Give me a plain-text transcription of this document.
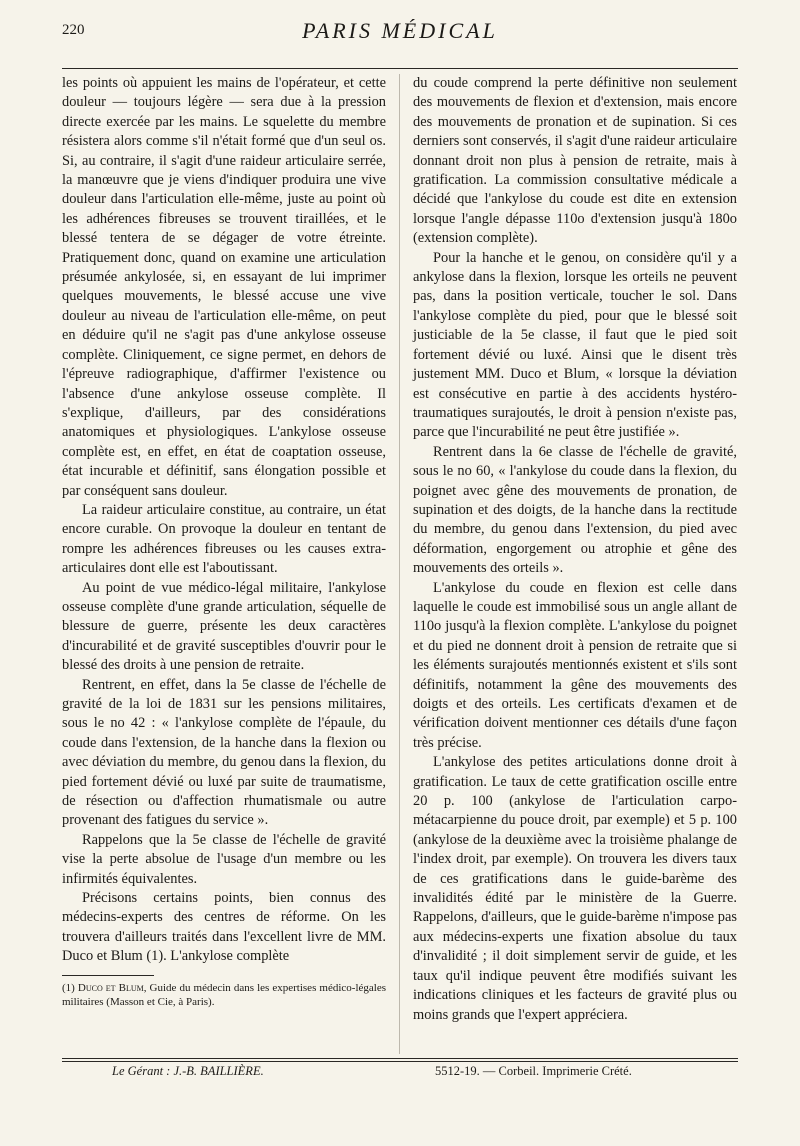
220	PARIS MÉDICAL

les points où appuient les mains de l'opérateur, et cette douleur — toujours légère — sera due à la pression directe exercée par les mains. Le squelette du membre résistera alors comme s'il n'était formé que d'un seul os. Si, au contraire, il s'agit d'une raideur articulaire serrée, la manœuvre que je viens d'indiquer produira une vive douleur dans l'articulation elle-même, juste au point où les adhérences fibreuses se trouvent tiraillées, et le blessé tentera de se dégager de votre étreinte. Pratiquement donc, quand on examine une articulation présumée ankylosée, si, en essayant de lui imprimer quelques mouvements, le blessé accuse une vive douleur au niveau de l'articulation elle-même, on peut en déduire qu'il ne s'agit pas d'une ankylose osseuse complète. Cliniquement, ce signe permet, en dehors de l'épreuve radiographique, d'affirmer l'existence ou l'absence d'une ankylose osseuse complète. Il s'explique, d'ailleurs, par des considérations anatomiques et physiologiques. L'ankylose osseuse complète est, en effet, en état de coaptation osseuse, état incurable et définitif, sans élongation possible et par conséquent sans douleur.

La raideur articulaire constitue, au contraire, un état encore curable. On provoque la douleur en tentant de rompre les adhérences fibreuses ou les causes extra-articulaires dont elle est l'aboutissant.

Au point de vue médico-légal militaire, l'ankylose osseuse complète d'une grande articulation, séquelle de blessure de guerre, présente les deux caractères d'incurabilité et de gravité susceptibles d'ouvrir pour le blessé des droits à une pension de retraite.

Rentrent, en effet, dans la 5e classe de l'échelle de gravité de la loi de 1831 sur les pensions militaires, sous le no 42 : « l'ankylose complète de l'épaule, du coude dans l'extension, de la hanche dans la flexion ou avec déviation du membre, du genou dans la flexion, du pied fortement dévié ou luxé par suite de traumatisme, de résection ou d'affection rhumatismale ou autre provenant des fatigues du service ».

Rappelons que la 5e classe de l'échelle de gravité vise la perte absolue de l'usage d'un membre ou les infirmités équivalentes.

Précisons certains points, bien connus des médecins-experts des centres de réforme. On les trouvera d'ailleurs traités dans l'excellent livre de MM. Duco et Blum (1). L'ankylose complète

(1) Duco et Blum, Guide du médecin dans les expertises médico-légales militaires (Masson et Cie, à Paris).

du coude comprend la perte définitive non seulement des mouvements de flexion et d'extension, mais encore des mouvements de pronation et de supination. Si ces derniers sont conservés, il s'agit d'une raideur articulaire donnant droit non plus à pension de retraite, mais à gratification. La commission consultative médicale a décidé que l'ankylose du coude est dite en extension lorsque l'angle dépasse 110o d'extension jusqu'à 180o (extension complète).

Pour la hanche et le genou, on considère qu'il y a ankylose dans la flexion, lorsque les orteils ne peuvent pas, dans la position verticale, toucher le sol. Dans l'ankylose complète du pied, pour que le blessé soit justiciable de la 5e classe, il faut que le pied soit fortement dévié ou luxé. Ainsi que le disent très justement MM. Duco et Blum, « lorsque la déviation est consécutive en partie à des accidents hystéro-traumatiques surajoutés, le droit à pension n'existe pas, parce que l'incurabilité ne peut être justifiée ».

Rentrent dans la 6e classe de l'échelle de gravité, sous le no 60, « l'ankylose du coude dans la flexion, du poignet avec gêne des mouvements de pronation, de supination et des doigts, de la hanche dans la rectitude du membre, du genou dans l'extension, du pied avec déformation, engorgement ou atrophie et gêne des mouvements des orteils ».

L'ankylose du coude en flexion est celle dans laquelle le coude est immobilisé sous un angle allant de 110o jusqu'à la flexion complète. L'ankylose du poignet et du pied ne donnent droit à pension de retraite que si les éléments surajoutés mentionnés existent et s'ils sont définitifs, notamment la gêne des mouvements des doigts et des orteils. Les certificats d'examen et de vérification doivent mentionner ces détails d'une façon très précise.

L'ankylose des petites articulations donne droit à gratification. Le taux de cette gratification oscille entre 20 p. 100 (ankylose de l'articulation carpo-métacarpienne du pouce droit, par exemple) et 5 p. 100 (ankylose de la deuxième avec la troisième phalange de l'index droit, par exemple). On trouvera les divers taux de ces gratifications dans le guide-barème des invalidités édité par le ministère de la Guerre. Rappelons, d'ailleurs, que le guide-barème n'impose pas aux médecins-experts une fixation absolue du taux d'invalidité ; il doit simplement servir de guide, et les taux qu'il indique peuvent être modifiés suivant les indications cliniques et les facteurs de gravité plus ou moins grands que l'expert appréciera.

Le Gérant : J.-B. BAILLIÈRE.	5512-19. — Corbeil. Imprimerie Crété.
